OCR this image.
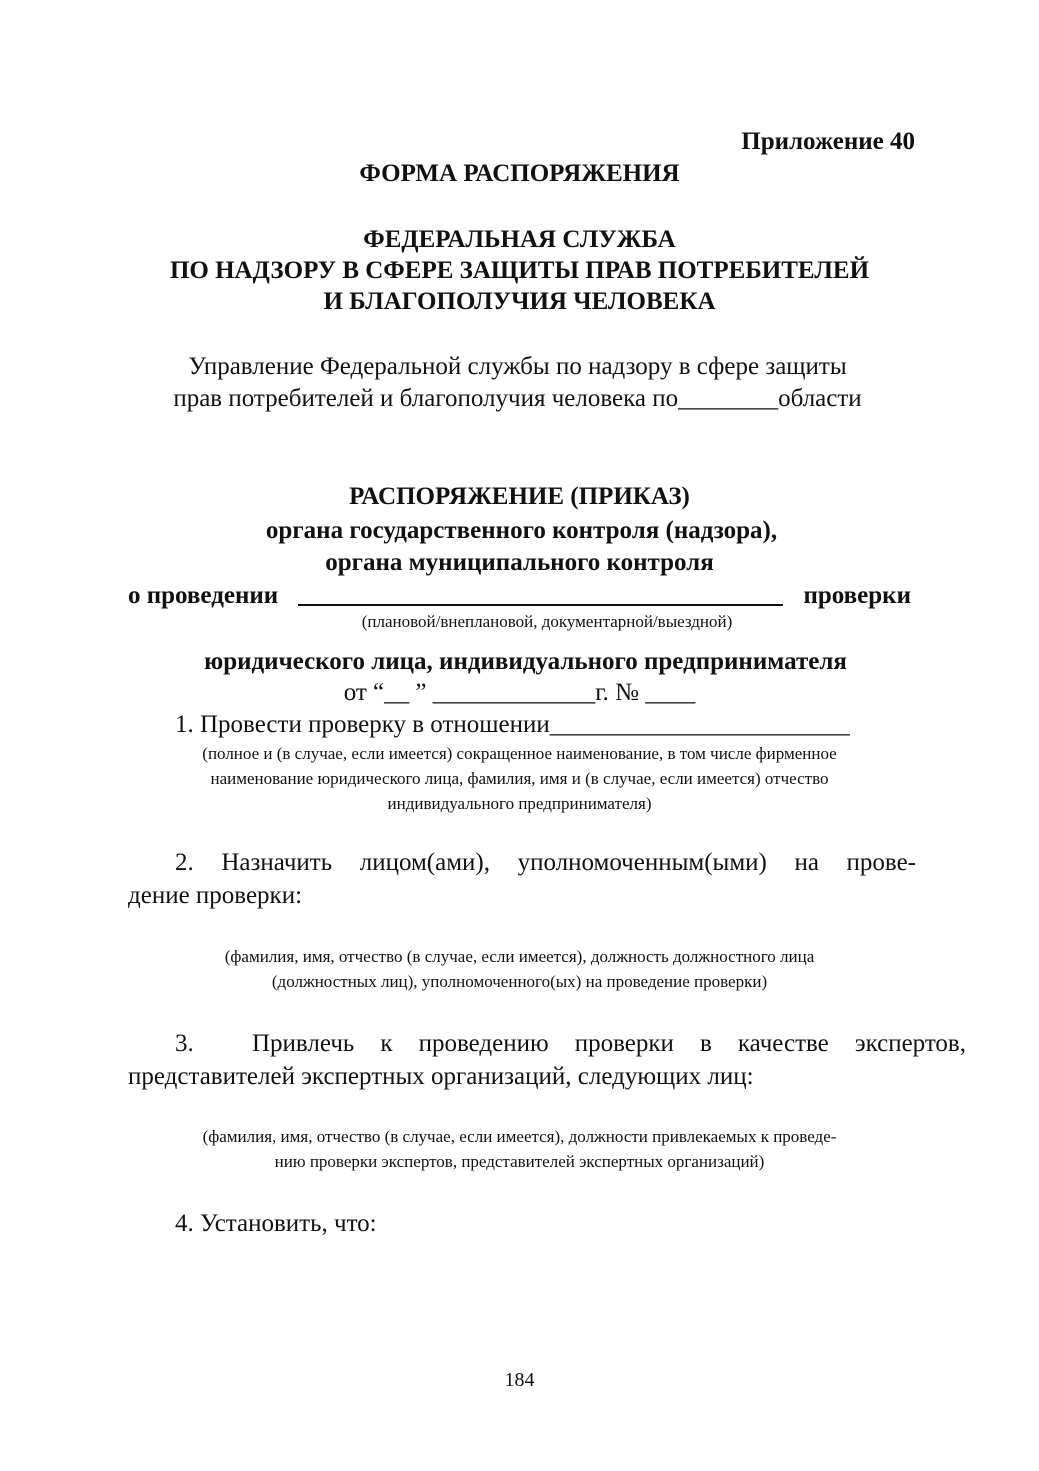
Приложение 40
ФОРМА РАСПОРЯЖЕНИЯ
ФЕДЕРАЛЬНАЯ СЛУЖБА
ПО НАДЗОРУ В СФЕРЕ ЗАЩИТЫ ПРАВ ПОТРЕБИТЕЛЕЙ
И БЛАГОПОЛУЧИЯ ЧЕЛОВЕКА
Управление Федеральной службы по надзору в сфере защиты
прав потребителей и благополучия человека по________области
РАСПОРЯЖЕНИЕ (ПРИКАЗ)
органа государственного контроля (надзора),
органа муниципального контроля
о проведении	проверки
(плановой/внеплановой, документарной/выездной)
юридического лица, индивидуального предпринимателя
от “__ ” _____________г. № ____
1. Провести проверку в отношении________________________
(полное и (в случае, если имеется) сокращенное наименование, в том числе фирменное
наименование юридического лица, фамилия, имя и (в случае, если имеется) отчество
индивидуального предпринимателя)
2. Назначить лицом(ами), уполномоченным(ыми) на прове-
дение проверки:
(фамилия, имя, отчество (в случае, если имеется), должность должностного лица
(должностных лиц), уполномоченного(ых) на проведение проверки)
3. Привлечь к проведению проверки в качестве экспертов,
представителей экспертных организаций, следующих лиц:
(фамилия, имя, отчество (в случае, если имеется), должности привлекаемых к проведе-
нию проверки экспертов, представителей экспертных организаций)
4. Установить, что:
184
